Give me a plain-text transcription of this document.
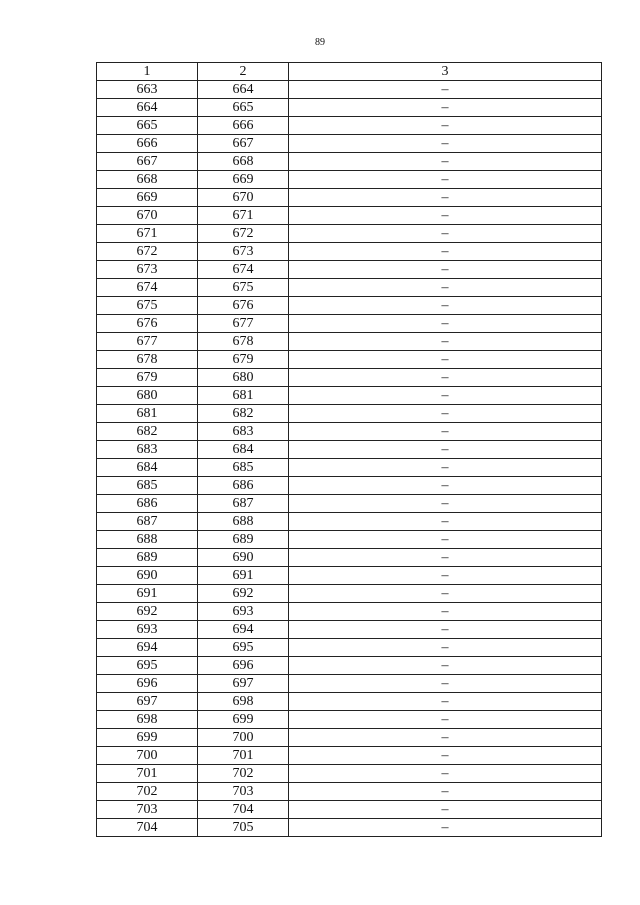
89
1	2	3
663	664	–
664	665	–
665	666	–
666	667	–
667	668	–
668	669	–
669	670	–
670	671	–
671	672	–
672	673	–
673	674	–
674	675	–
675	676	–
676	677	–
677	678	–
678	679	–
679	680	–
680	681	–
681	682	–
682	683	–
683	684	–
684	685	–
685	686	–
686	687	–
687	688	–
688	689	–
689	690	–
690	691	–
691	692	–
692	693	–
693	694	–
694	695	–
695	696	–
696	697	–
697	698	–
698	699	–
699	700	–
700	701	–
701	702	–
702	703	–
703	704	–
704	705	–
